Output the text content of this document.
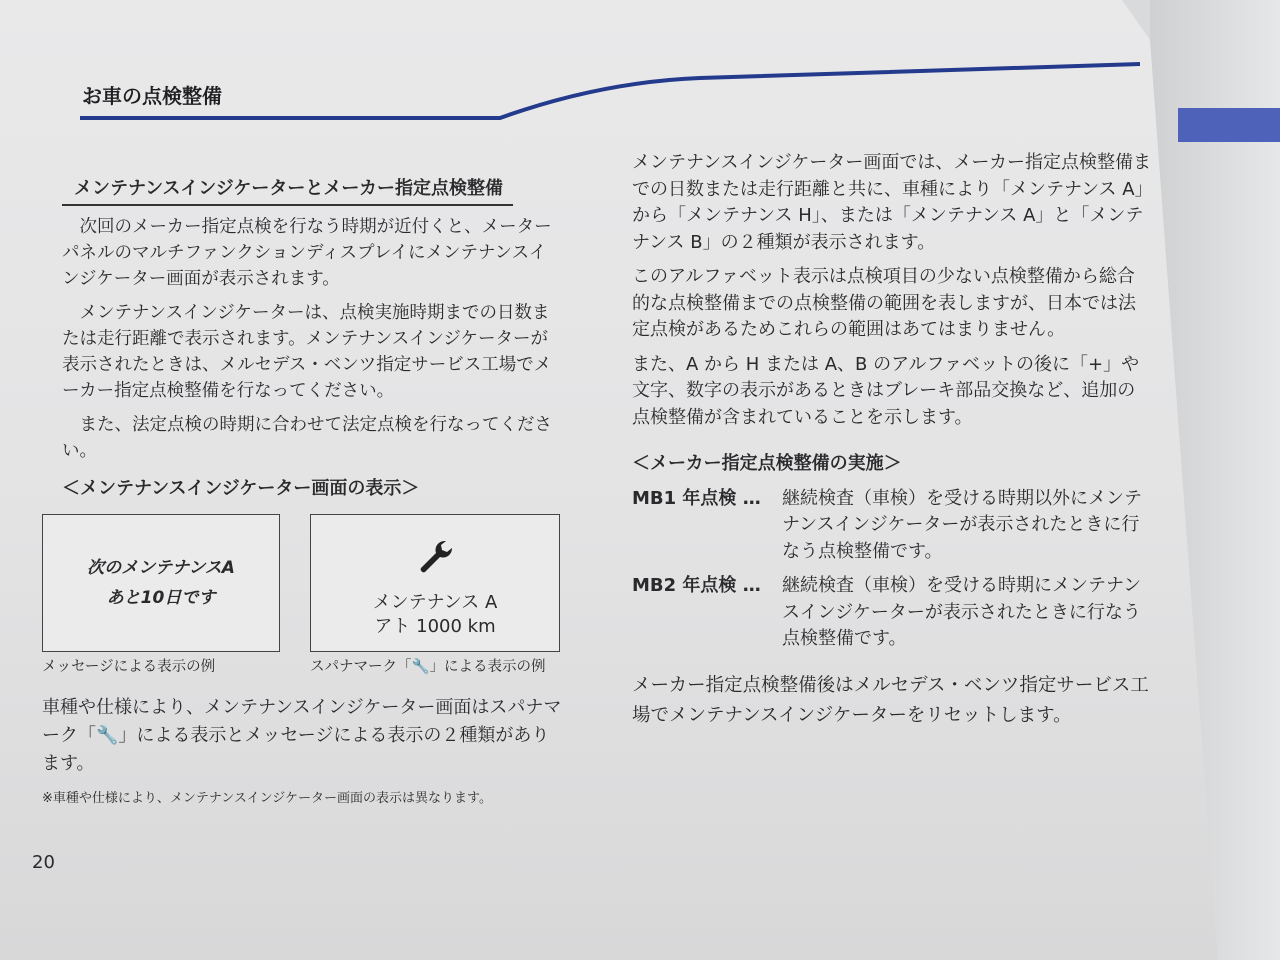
お車の点検整備
メンテナンスインジケーターとメーカー指定点検整備

次回のメーカー指定点検を行なう時期が近付くと、メーターパネルのマルチファンクションディスプレイにメンテナンスインジケーター画面が表示されます。

メンテナンスインジケーターは、点検実施時期までの日数または走行距離で表示されます。メンテナンスインジケーターが表示されたときは、メルセデス・ベンツ指定サービス工場でメーカー指定点検整備を行なってください。

また、法定点検の時期に合わせて法定点検を行なってください。

＜メンテナンスインジケーター画面の表示＞
次のメンテナンスA
あと10日です	メンテナンス A
アト 1000 km
メッセージによる表示の例	スパナマーク「🔧」による表示の例

車種や仕様により、メンテナンスインジケーター画面はスパナマーク「🔧」による表示とメッセージによる表示の２種類があります。

※車種や仕様により、メンテナンスインジケーター画面の表示は異なります。
20

メンテナンスインジケーター画面では、メーカー指定点検整備までの日数または走行距離と共に、車種により「メンテナンス A」から「メンテナンス H」、または「メンテナンス A」と「メンテナンス B」の２種類が表示されます。

このアルファベット表示は点検項目の少ない点検整備から総合的な点検整備までの点検整備の範囲を表しますが、日本では法定点検があるためこれらの範囲はあてはまりません。

また、A から H または A、B のアルファベットの後に「+」や文字、数字の表示があるときはブレーキ部品交換など、追加の点検整備が含まれていることを示します。

＜メーカー指定点検整備の実施＞
MB1 年点検 …	継続検査（車検）を受ける時期以外にメンテナンスインジケーターが表示されたときに行なう点検整備です。
MB2 年点検 …	継続検査（車検）を受ける時期にメンテナンスインジケーターが表示されたときに行なう点検整備です。

メーカー指定点検整備後はメルセデス・ベンツ指定サービス工場でメンテナンスインジケーターをリセットします。
